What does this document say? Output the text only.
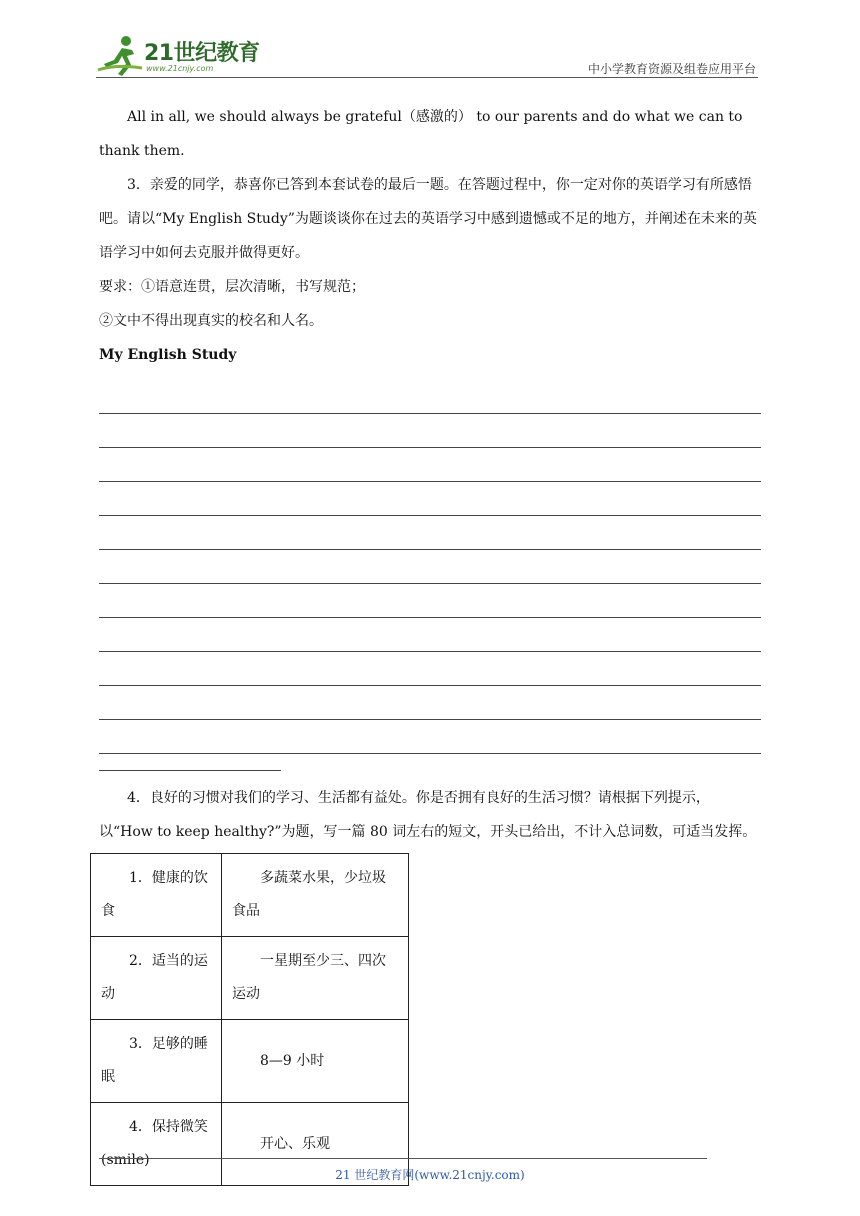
21世纪教育
www.21cnjy.com	中小学教育资源及组卷应用平台

All in all, we should always be grateful（感激的） to our parents and do what we can to thank them.

3．亲爱的同学，恭喜你已答到本套试卷的最后一题。在答题过程中，你一定对你的英语学习有所感悟吧。请以“My English Study”为题谈谈你在过去的英语学习中感到遗憾或不足的地方，并阐述在未来的英语学习中如何去克服并做得更好。

要求：①语意连贯，层次清晰，书写规范；

②文中不得出现真实的校名和人名。

My English Study

4．良好的习惯对我们的学习、生活都有益处。你是否拥有良好的生活习惯？请根据下列提示，以“How to keep healthy?”为题，写一篇 80 词左右的短文，开头已给出，不计入总词数，可适当发挥。

1．健康的饮食	多蔬菜水果，少垃圾食品
2．适当的运动	一星期至少三、四次运动
3．足够的睡眠	8—9 小时
4．保持微笑(smile)	开心、乐观
21 世纪教育网(www.21cnjy.com)
